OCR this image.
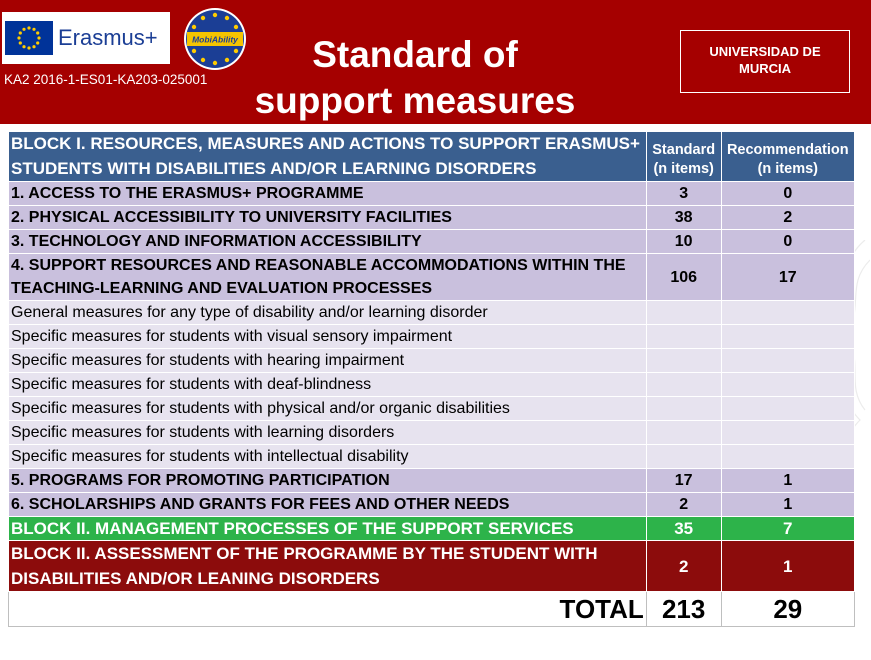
Erasmus+
KA2 2016-1-ES01-KA203-025001
MobiAbility	Standard of
support measures
UNIVERSIDAD DE
MURCIA
BLOCK I. RESOURCES, MEASURES AND ACTIONS TO SUPPORT ERASMUS+ STUDENTS WITH DISABILITIES AND/OR LEARNING DISORDERS	Standard (n items)	Recommendation (n items)
1. ACCESS TO THE ERASMUS+ PROGRAMME	3	0
2. PHYSICAL ACCESSIBILITY TO UNIVERSITY FACILITIES	38	2
3. TECHNOLOGY AND INFORMATION ACCESSIBILITY	10	0
4. SUPPORT RESOURCES AND REASONABLE ACCOMMODATIONS WITHIN THE TEACHING-LEARNING AND EVALUATION PROCESSES	106	17
General measures for any type of disability and/or learning disorder		
Specific measures for students with visual sensory impairment		
Specific measures for students with hearing impairment		
Specific measures for students with deaf-blindness		
Specific measures for students with physical and/or organic disabilities		
Specific measures for students with learning disorders		
Specific measures for students with intellectual disability		
5. PROGRAMS FOR PROMOTING PARTICIPATION	17	1
6. SCHOLARSHIPS AND GRANTS FOR FEES AND OTHER NEEDS	2	1
BLOCK II. MANAGEMENT PROCESSES OF THE SUPPORT SERVICES	35	7
BLOCK II. ASSESSMENT OF THE PROGRAMME BY THE STUDENT WITH DISABILITIES AND/OR LEANING DISORDERS	2	1
TOTAL	213	29
